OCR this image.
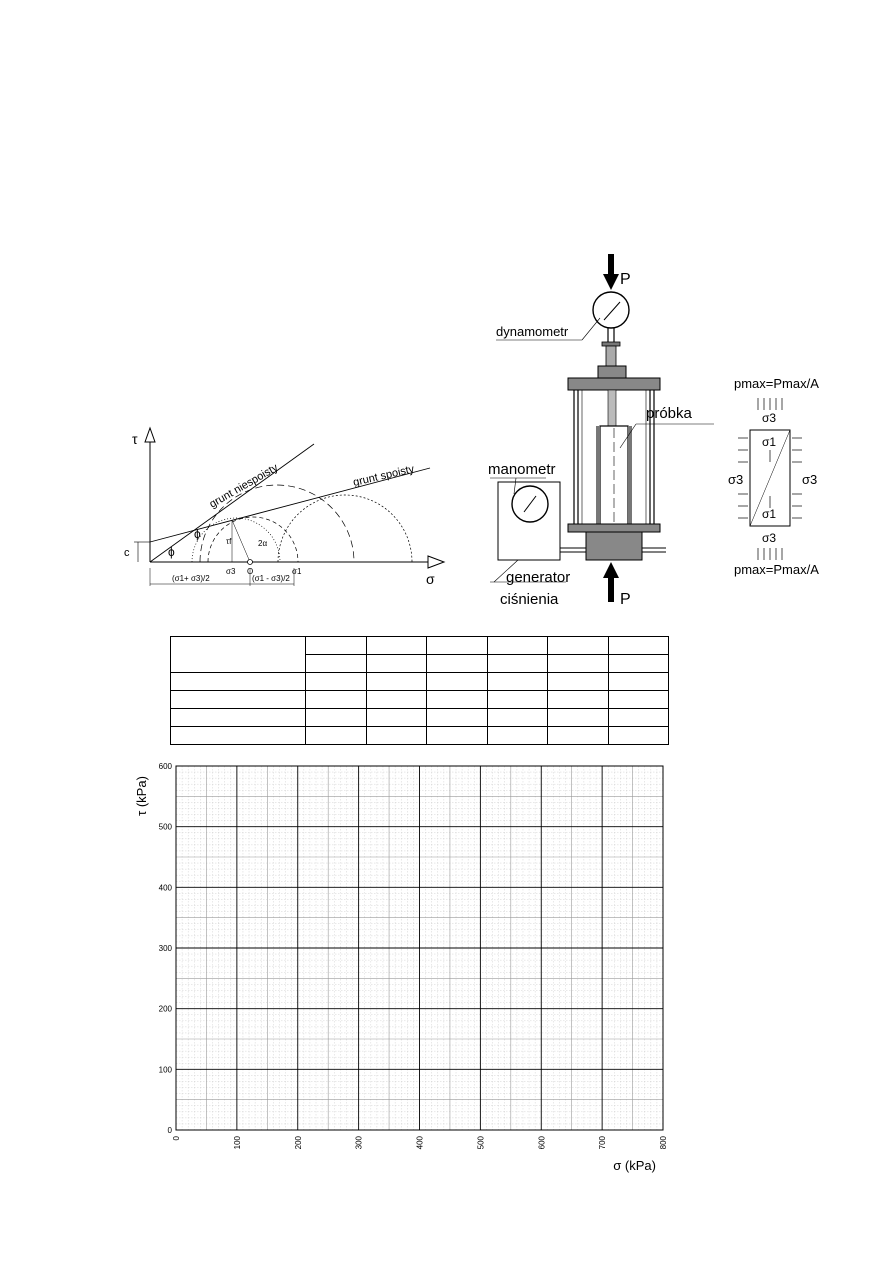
τ
σ
c	ϕ
ϕ
grunt niespoisty	grunt spoisty
τf	2α
σ3 O	σ1
(σ1+ σ3)/2	(σ1 - σ3)/2
P
dynamometr
próbka
manometr
generator
ciśnienia	P
pmax=Pmax/A
σ3
σ1
σ3	σ3
σ1
σ3
pmax=Pmax/A

0	100	200	300	400	500	600	700	800
0
100
200
300
400
500
600
τ (kPa)
σ (kPa)
